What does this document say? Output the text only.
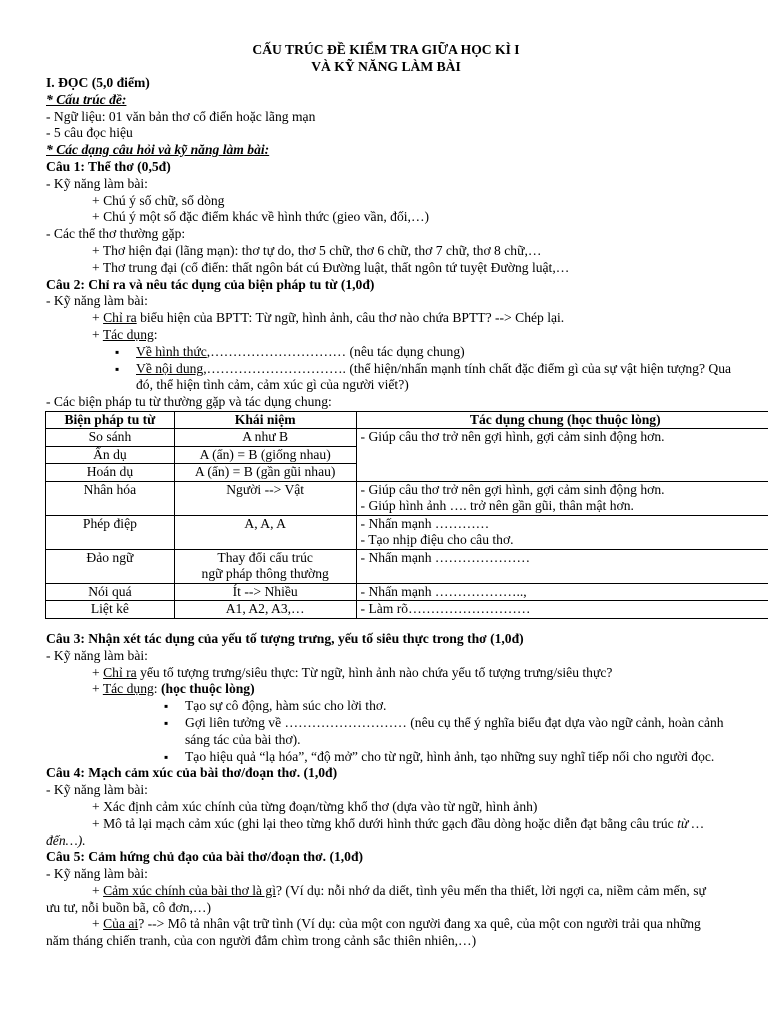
CẤU TRÚC ĐỀ KIỂM TRA GIỮA HỌC KÌ I
VÀ KỸ NĂNG LÀM BÀI
I. ĐỌC (5,0 điểm)
* Cấu trúc đề:
- Ngữ liệu: 01 văn bản thơ cổ điển hoặc lãng mạn
- 5 câu đọc hiệu
* Các dạng câu hỏi và kỹ năng làm bài:
Câu 1: Thể thơ (0,5đ)
- Kỹ năng làm bài:
+ Chú ý số chữ, số dòng
+ Chú ý một số đặc điểm khác về hình thức (gieo vần, đối,…)
- Các thể thơ thường gặp:
+ Thơ hiện đại (lãng mạn): thơ tự do, thơ 5 chữ, thơ 6 chữ, thơ 7 chữ, thơ 8 chữ,…
+ Thơ trung đại (cổ điển: thất ngôn bát cú Đường luật, thất ngôn tứ tuyệt Đường luật,…
Câu 2: Chỉ ra và nêu tác dụng của biện pháp tu từ (1,0đ)
- Kỹ năng làm bài:
+ Chỉ ra biểu hiện của BPTT: Từ ngữ, hình ảnh, câu thơ nào chứa BPTT? --> Chép lại.
+ Tác dụng:
▪ Về hình thức,………………………… (nêu tác dụng chung)
▪ Về nội dung,…………………………. (thể hiện/nhấn mạnh tính chất đặc điểm gì của sự vật hiện tượng? Qua đó, thể hiện tình cảm, cảm xúc gì của người viết?)
- Các biện pháp tu từ thường gặp và tác dụng chung:
Biện pháp tu từ	Khái niệm	Tác dụng chung (học thuộc lòng)
So sánh	A như B	- Giúp câu thơ trở nên gợi hình, gợi cảm sinh động hơn.
Ẩn dụ	A (ẩn) = B (giống nhau)	
Hoán dụ	A (ẩn) = B (gần gũi nhau)	
Nhân hóa	Người --> Vật	- Giúp câu thơ trở nên gợi hình, gợi cảm sinh động hơn.
- Giúp hình ảnh …. trở nên gần gũi, thân mật hơn.

Phép điệp	A, A, A	- Nhấn mạnh …………
- Tạo nhịp điệu cho câu thơ.

Đảo ngữ	Thay đổi cấu trúc
ngữ pháp thông thường	- Nhấn mạnh …………………
Nói quá	Ít --> Nhiều	- Nhấn mạnh ………………..,
Liệt kê	A1, A2, A3,…	- Làm rõ………………………
Câu 3: Nhận xét tác dụng của yếu tố tượng trưng, yếu tố siêu thực trong thơ (1,0đ)
- Kỹ năng làm bài:
+ Chỉ ra yếu tố tượng trưng/siêu thực: Từ ngữ, hình ảnh nào chứa yếu tố tượng trưng/siêu thực?
+ Tác dụng: (học thuộc lòng)
▪ Tạo sự cô động, hàm súc cho lời thơ.
▪ Gợi liên tưởng về ……………………… (nêu cụ thể ý nghĩa biểu đạt dựa vào ngữ cảnh, hoàn cảnh sáng tác của bài thơ).
▪ Tạo hiệu quả “lạ hóa”, “độ mở” cho từ ngữ, hình ảnh, tạo những suy nghĩ tiếp nối cho người đọc.
Câu 4: Mạch cảm xúc của bài thơ/đoạn thơ. (1,0đ)
- Kỹ năng làm bài:
+ Xác định cảm xúc chính của từng đoạn/từng khổ thơ (dựa vào từ ngữ, hình ảnh)
+ Mô tả lại mạch cảm xúc (ghi lại theo từng khổ dưới hình thức gạch đầu dòng hoặc diễn đạt bằng câu trúc từ … đến…).
Câu 5: Cảm hứng chủ đạo của bài thơ/đoạn thơ. (1,0đ)
- Kỹ năng làm bài:
+ Cảm xúc chính của bài thơ là gì? (Ví dụ: nỗi nhớ da diết, tình yêu mến tha thiết, lời ngợi ca, niềm cảm mến, sự ưu tư, nỗi buồn bã, cô đơn,…)
+ Của ai? --> Mô tả nhân vật trữ tình (Ví dụ: của một con người đang xa quê, của một con người trải qua những năm tháng chiến tranh, của con người đắm chìm trong cảnh sắc thiên nhiên,…)
